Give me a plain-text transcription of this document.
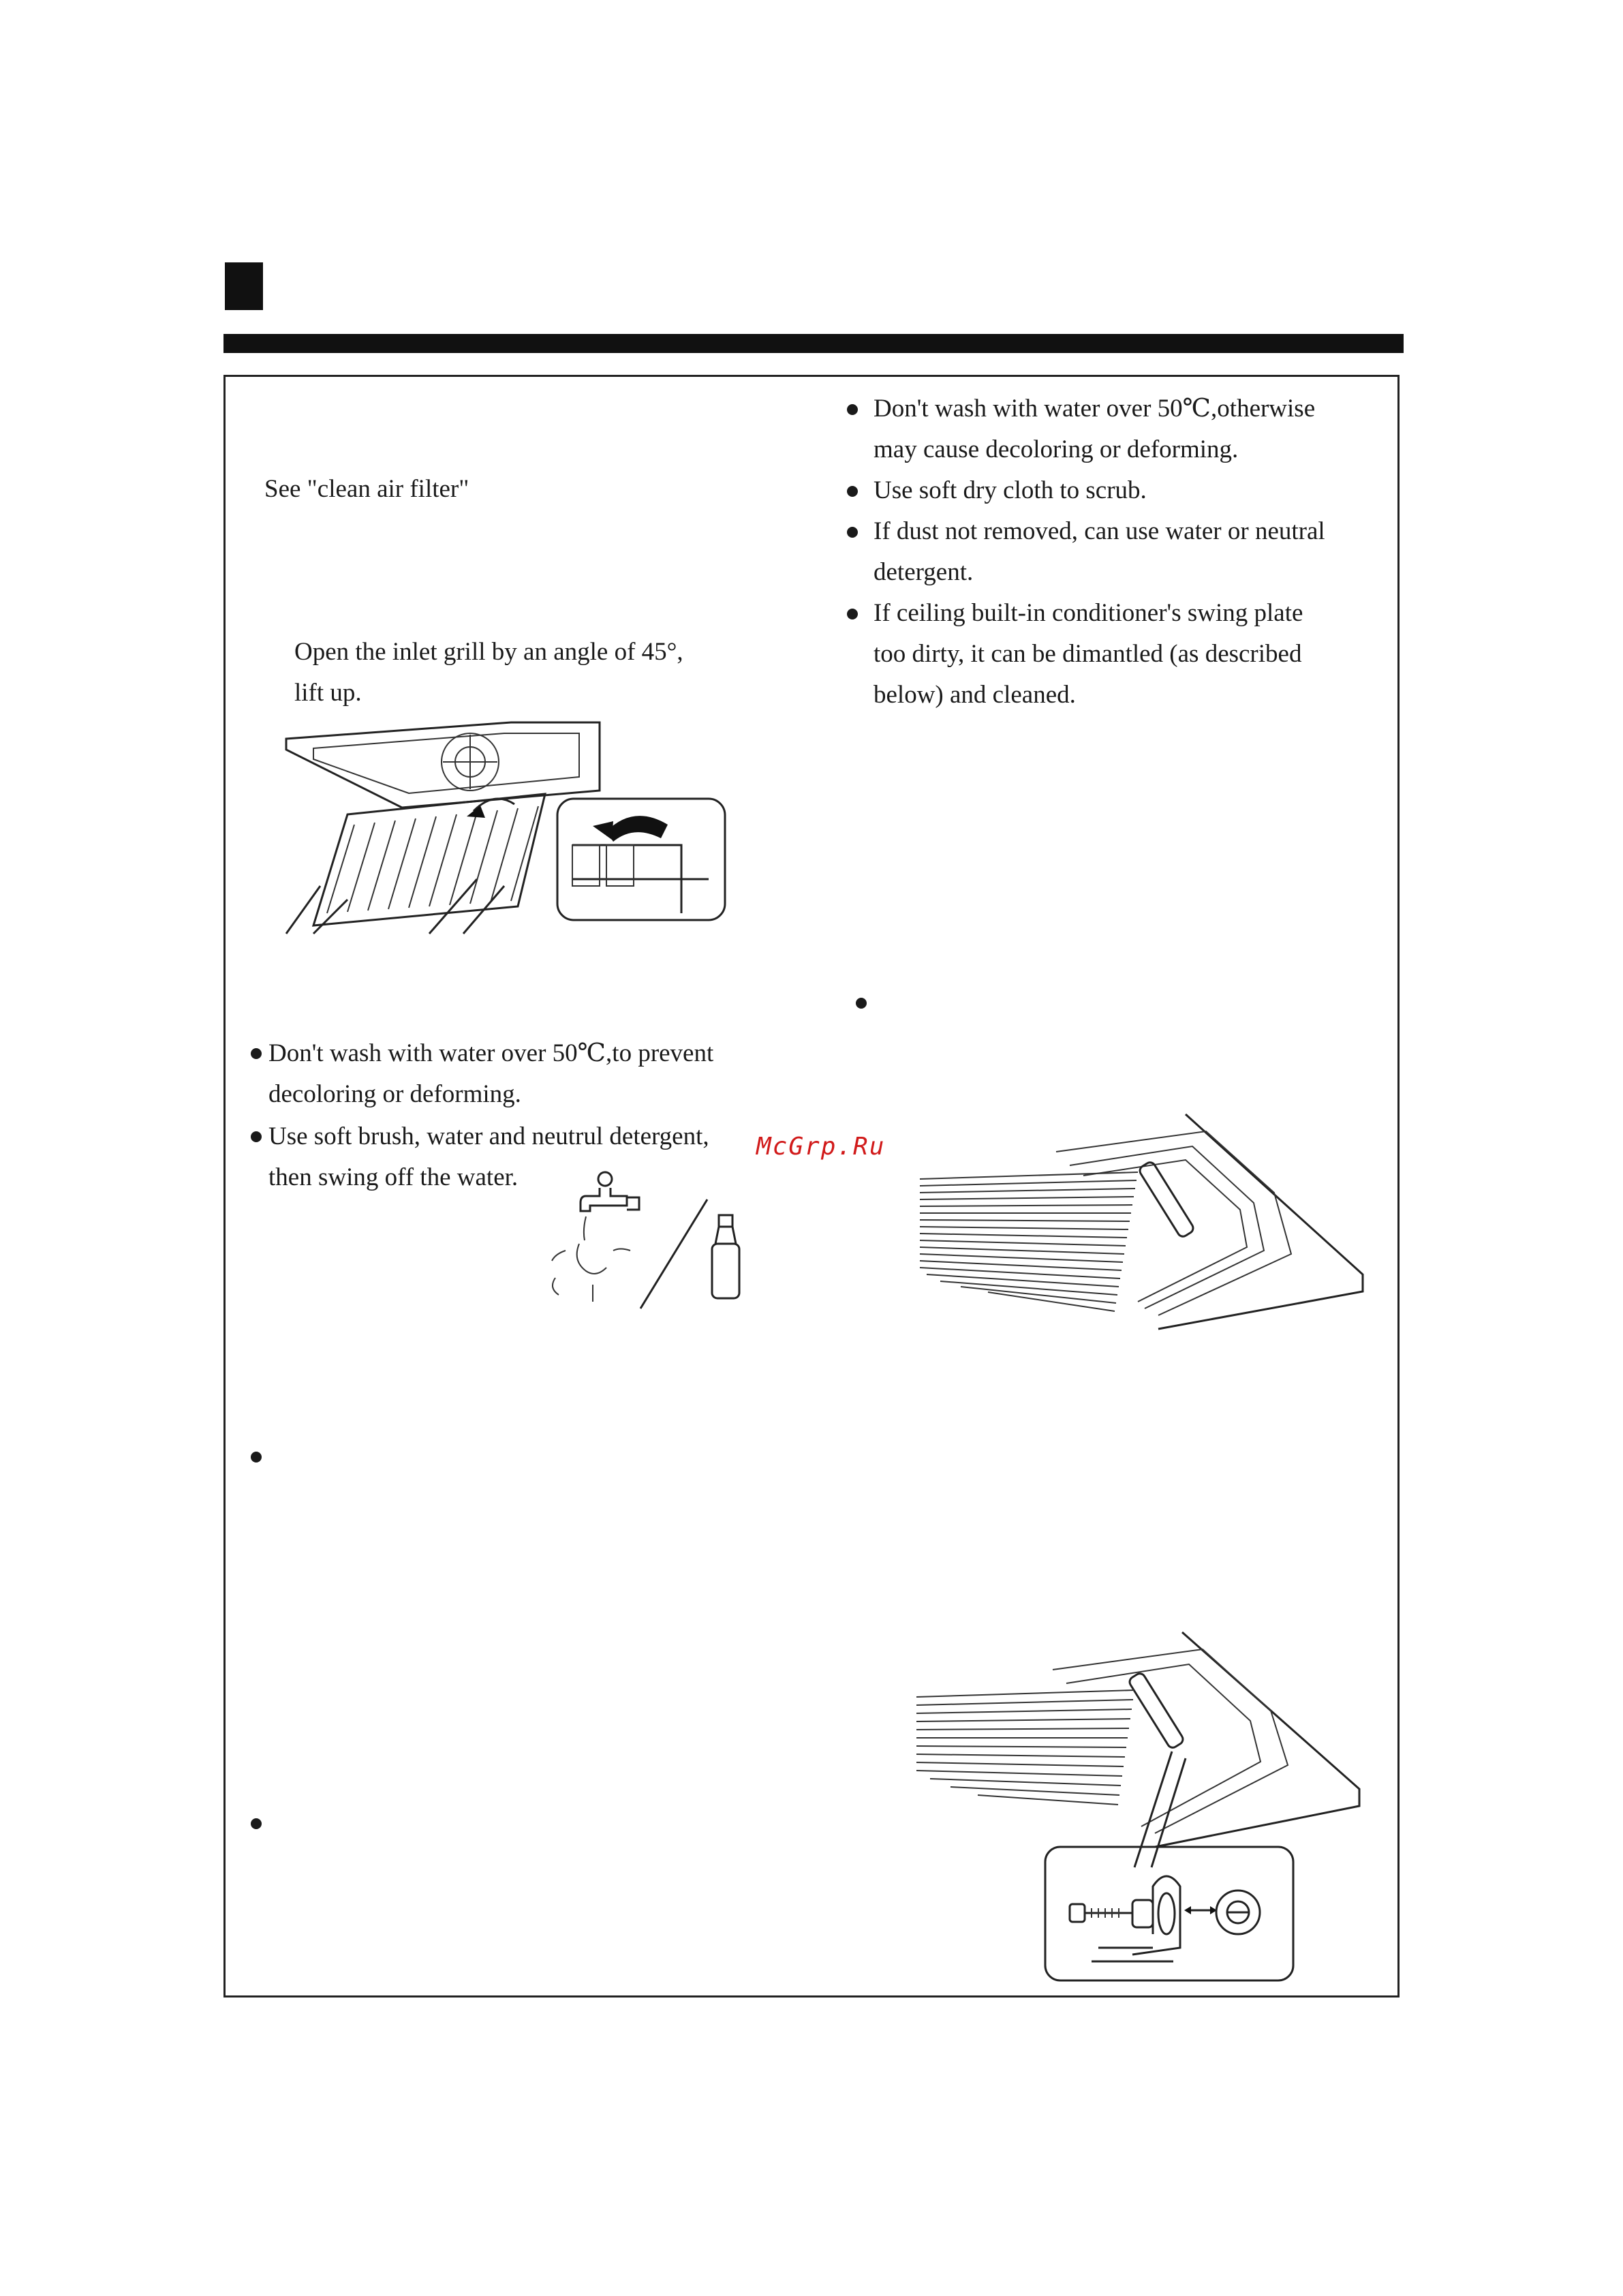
See "clean air filter"
Open the inlet grill by an angle of 45°,
lift up.
Don't wash with water over 50℃,to prevent
decoloring or deforming.
Use soft brush, water and neutrul detergent,
then swing off the water.
McGrp.Ru
Don't wash with water over 50℃,otherwise
may cause decoloring or deforming.
Use soft dry cloth to scrub.
If dust not removed, can use water or neutral
detergent.
If ceiling built-in conditioner's swing plate
too dirty, it can be dimantled (as described
below) and cleaned.
